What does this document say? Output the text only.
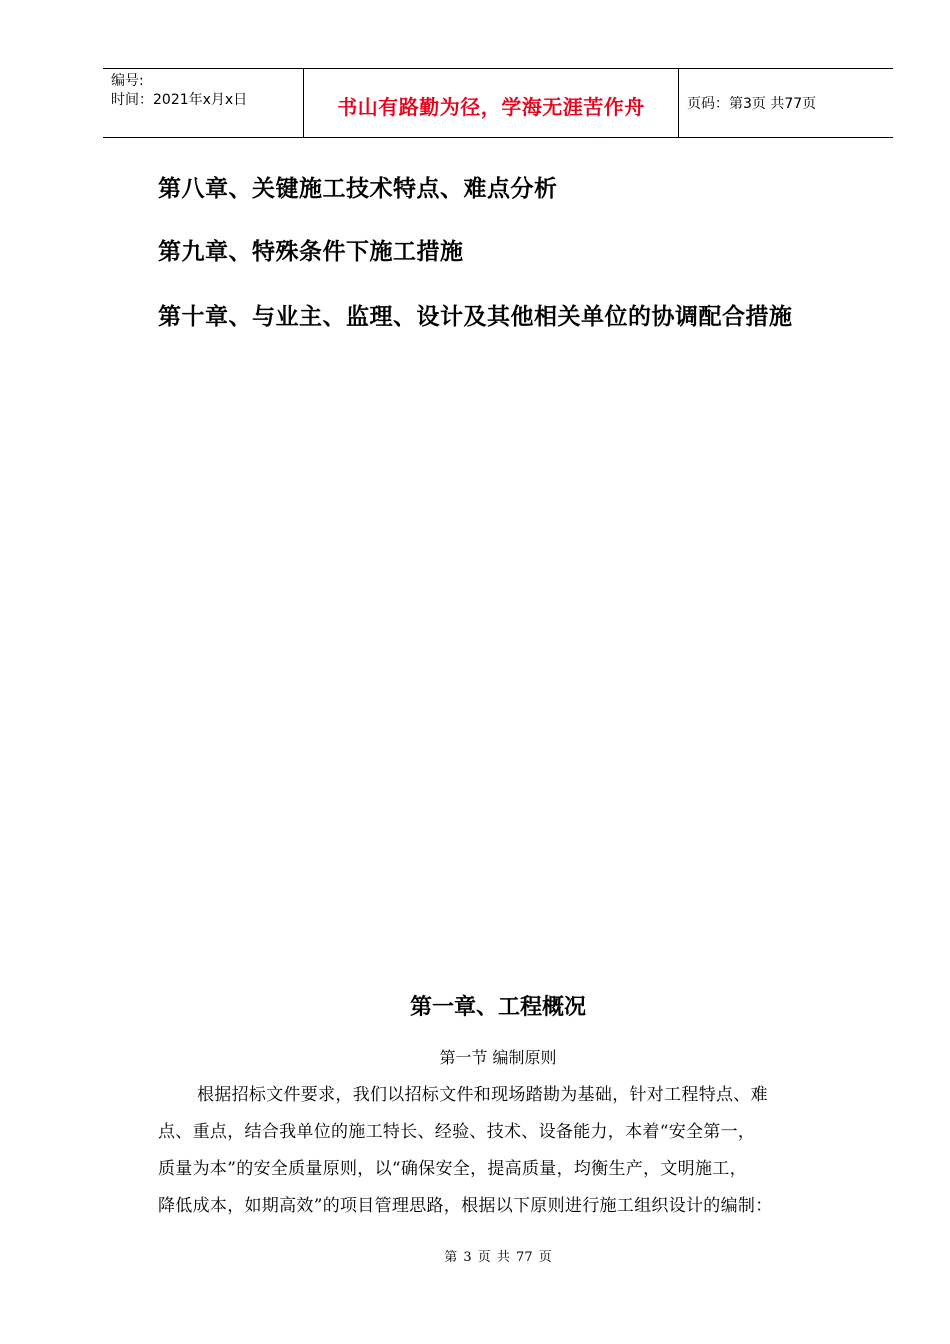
编号:
时间：2021年x月x日	书山有路勤为径，学海无涯苦作舟	页码：第3页 共77页
第八章、关键施工技术特点、难点分析
第九章、特殊条件下施工措施
第十章、与业主、监理、设计及其他相关单位的协调配合措施
第一章、工程概况
第一节 编制原则
根据招标文件要求，我们以招标文件和现场踏勘为基础，针对工程特点、难
点、重点，结合我单位的施工特长、经验、技术、设备能力，本着“安全第一，
质量为本”的安全质量原则，以“确保安全，提高质量，均衡生产，文明施工，
降低成本，如期高效”的项目管理思路，根据以下原则进行施工组织设计的编制：
第 3 页 共 77 页
